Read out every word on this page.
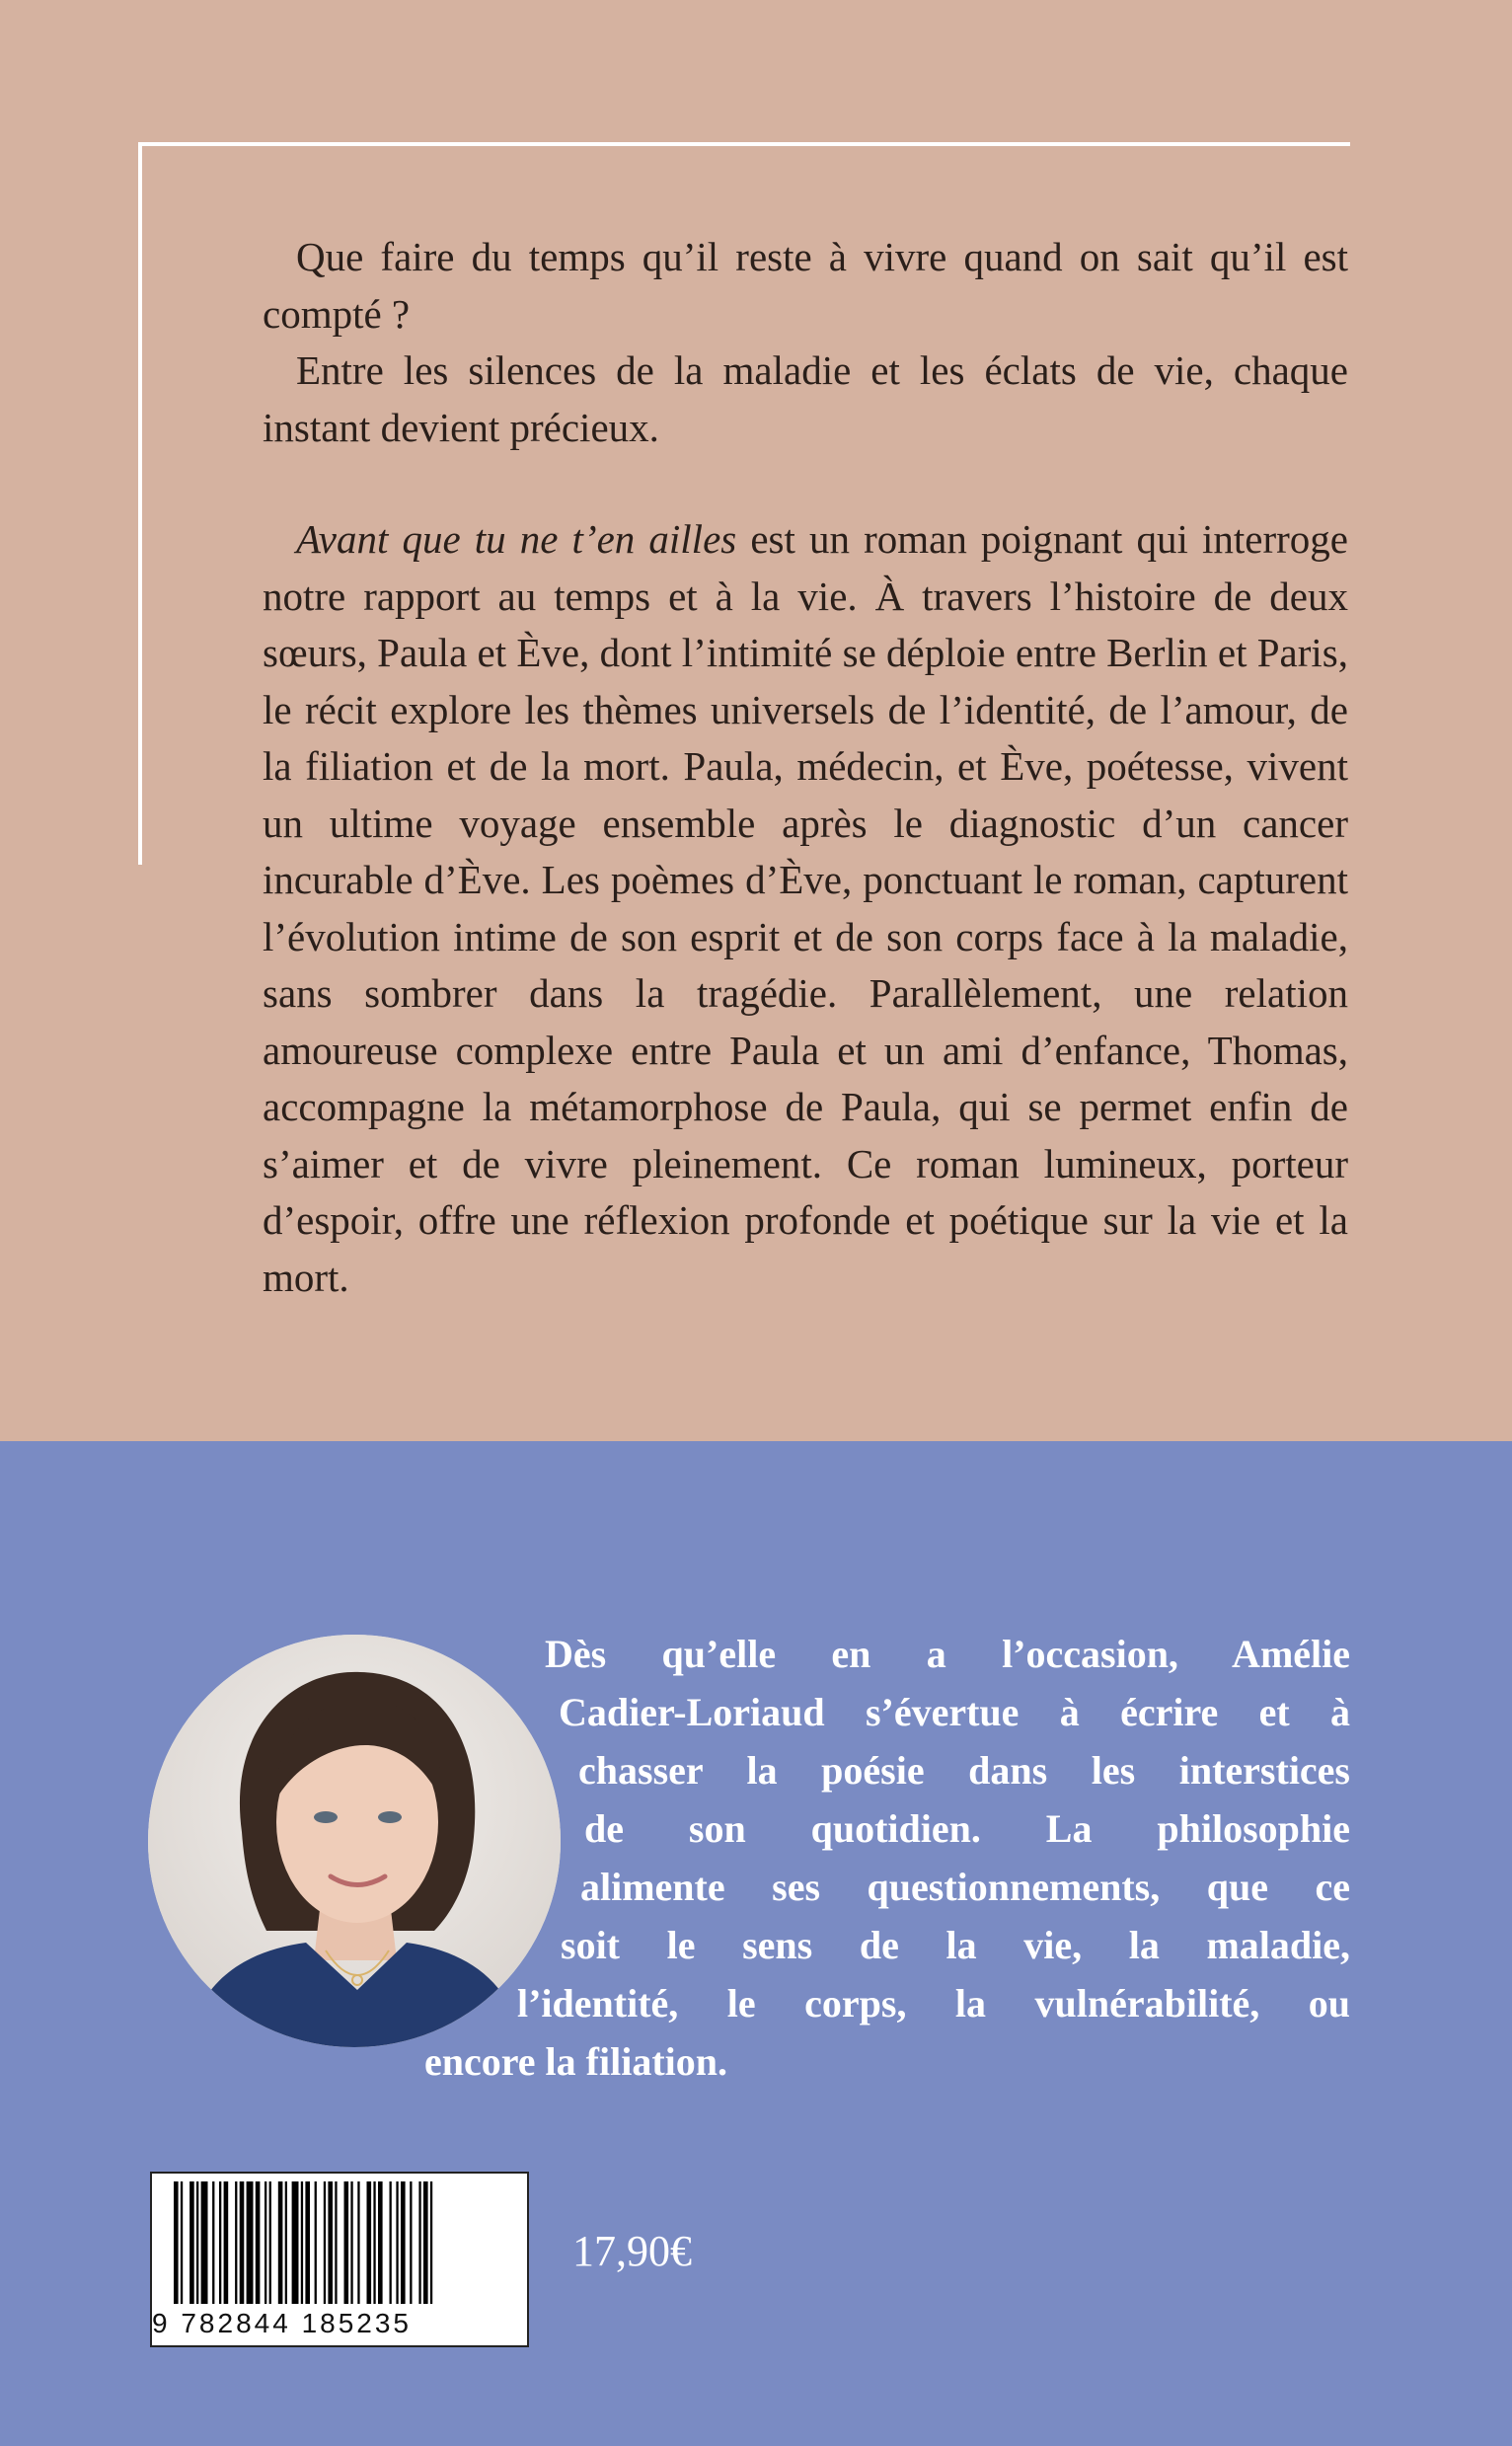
Que faire du temps qu’il reste à vivre quand on sait qu’il est compté ?

Entre les silences de la maladie et les éclats de vie, chaque instant devient précieux.

Avant que tu ne t’en ailles est un roman poignant qui interroge notre rapport au temps et à la vie. À travers l’histoire de deux sœurs, Paula et Ève, dont l’intimité se déploie entre Berlin et Paris, le récit explore les thèmes universels de l’identité, de l’amour, de la filiation et de la mort. Paula, médecin, et Ève, poétesse, vivent un ultime voyage ensemble après le diagnostic d’un cancer incurable d’Ève. Les poèmes d’Ève, ponctuant le roman, capturent l’évolution intime de son esprit et de son corps face à la maladie, sans sombrer dans la tragédie. Parallèlement, une relation amoureuse complexe entre Paula et un ami d’enfance, Thomas, accompagne la métamorphose de Paula, qui se permet enfin de s’aimer et de vivre pleinement. Ce roman lumineux, porteur d’espoir, offre une réflexion profonde et poétique sur la vie et la mort.

Dès qu’elle en a l’occasion, Amélie
Cadier-Loriaud s’évertue à écrire et à
chasser la poésie dans les interstices
de son quotidien. La philosophie
alimente ses questionnements, que ce
soit le sens de la vie, la maladie,
l’identité, le corps, la vulnérabilité, ou
encore la filiation.
9 782844 185235
17,90€
